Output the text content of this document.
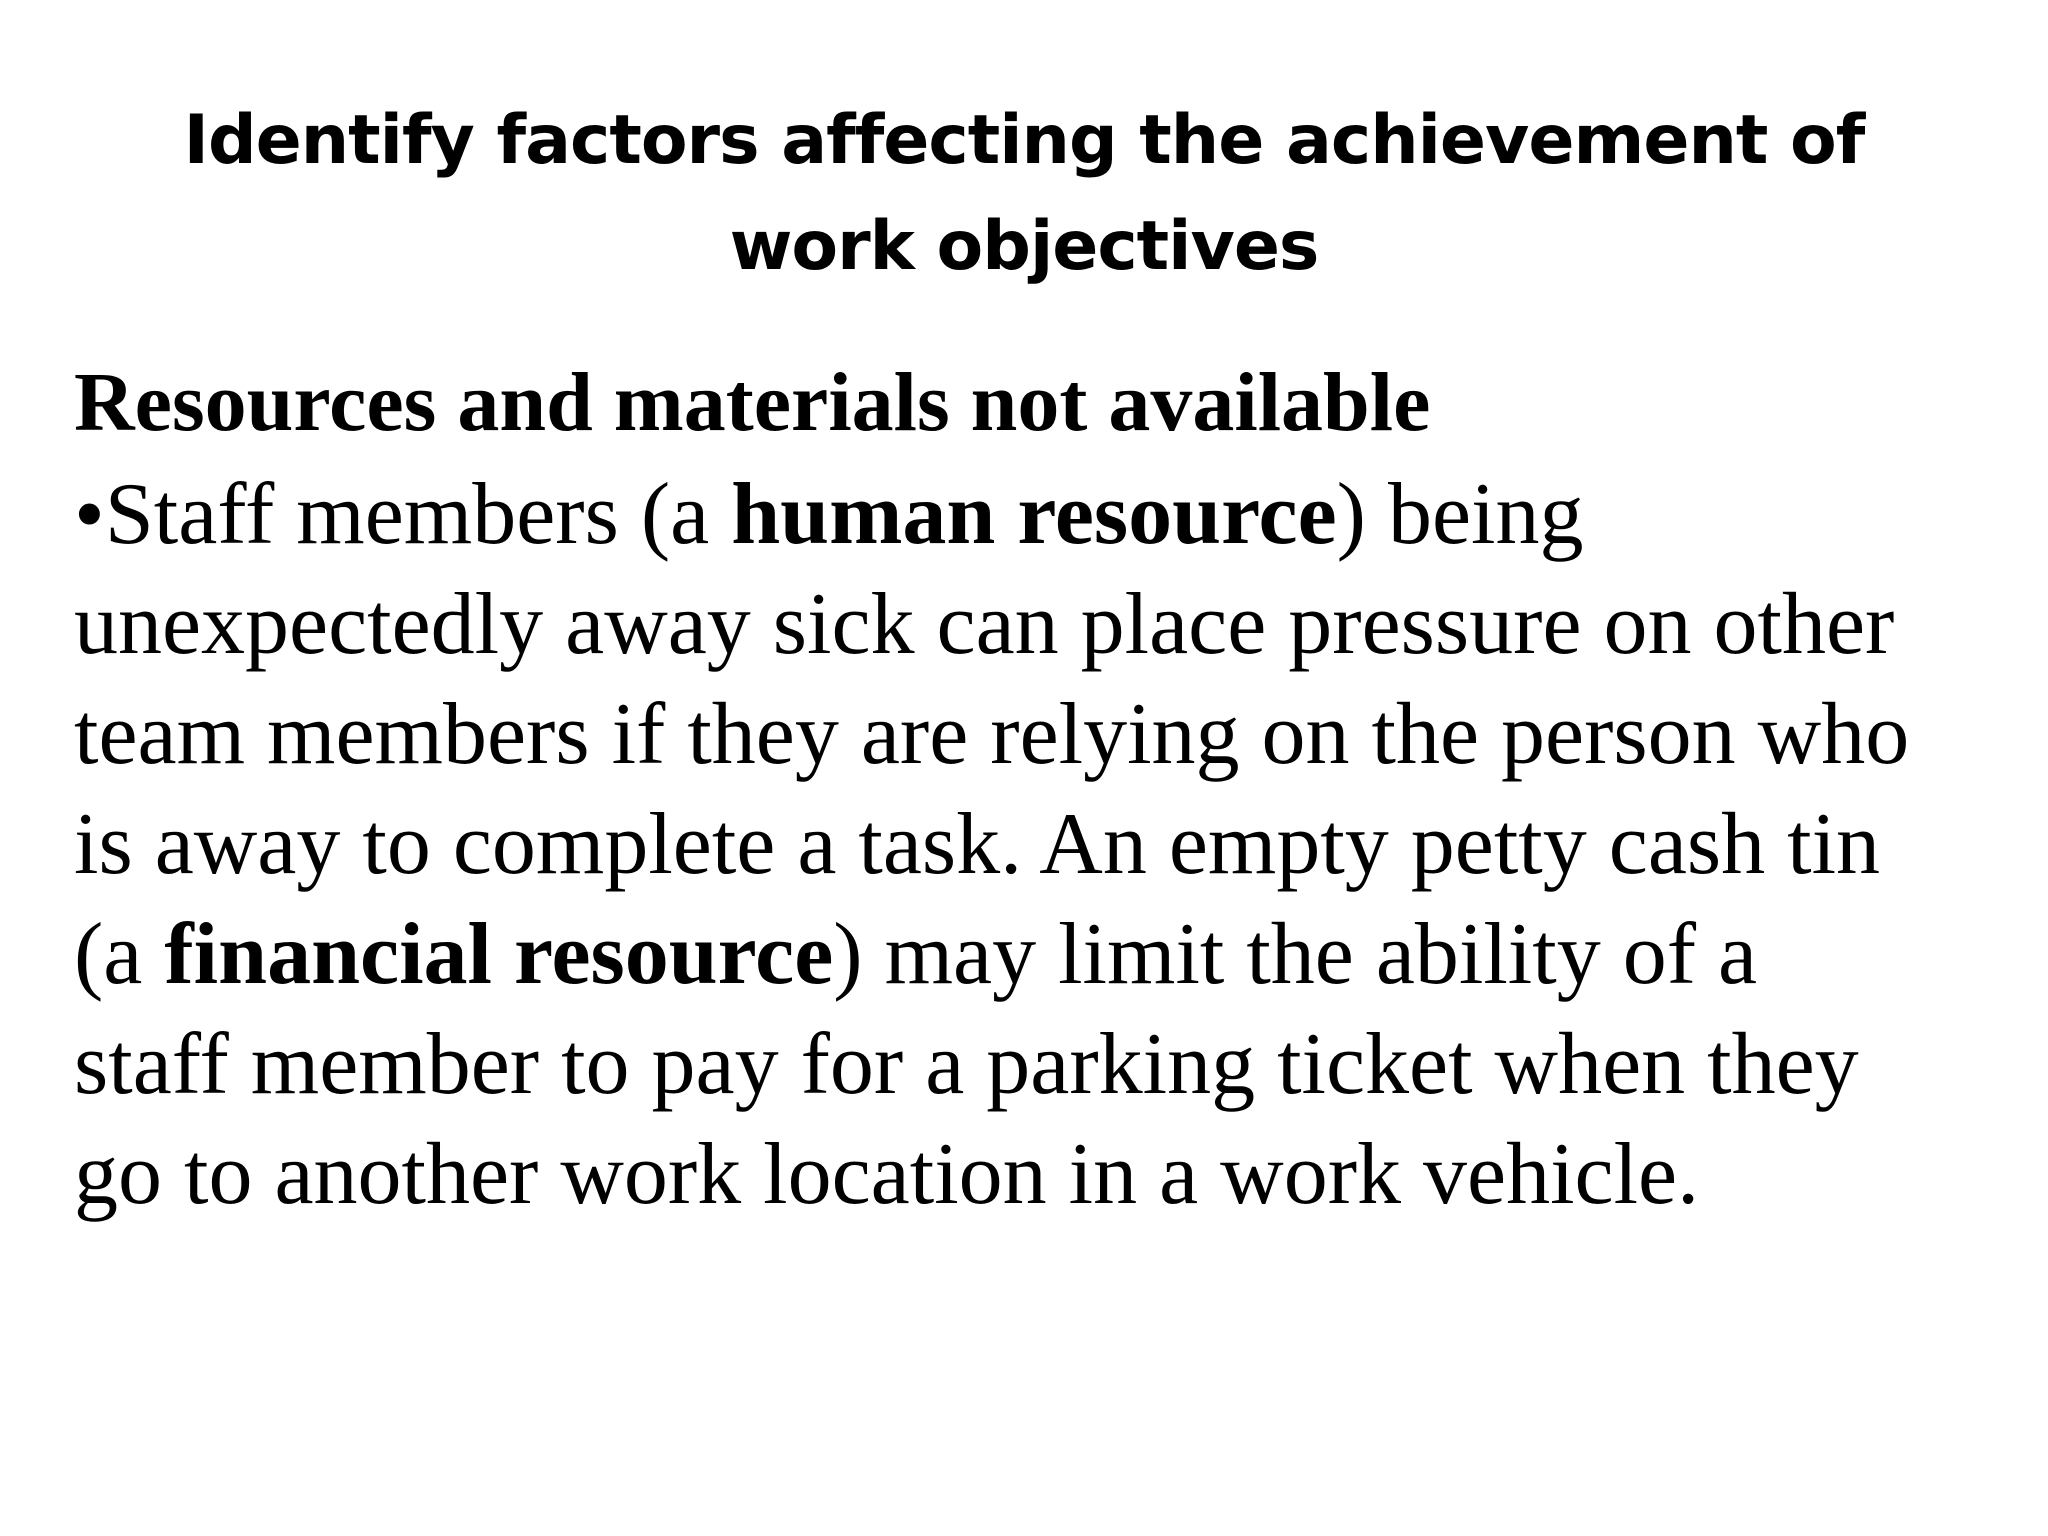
Identify factors affecting the achievement of work objectives
Resources and materials not available

•Staff members (a human resource) being
unexpectedly away sick can place pressure on other
team members if they are relying on the person who
is away to complete a task. An empty petty cash tin
(a financial resource) may limit the ability of a
staff member to pay for a parking ticket when they
go to another work location in a work vehicle.
